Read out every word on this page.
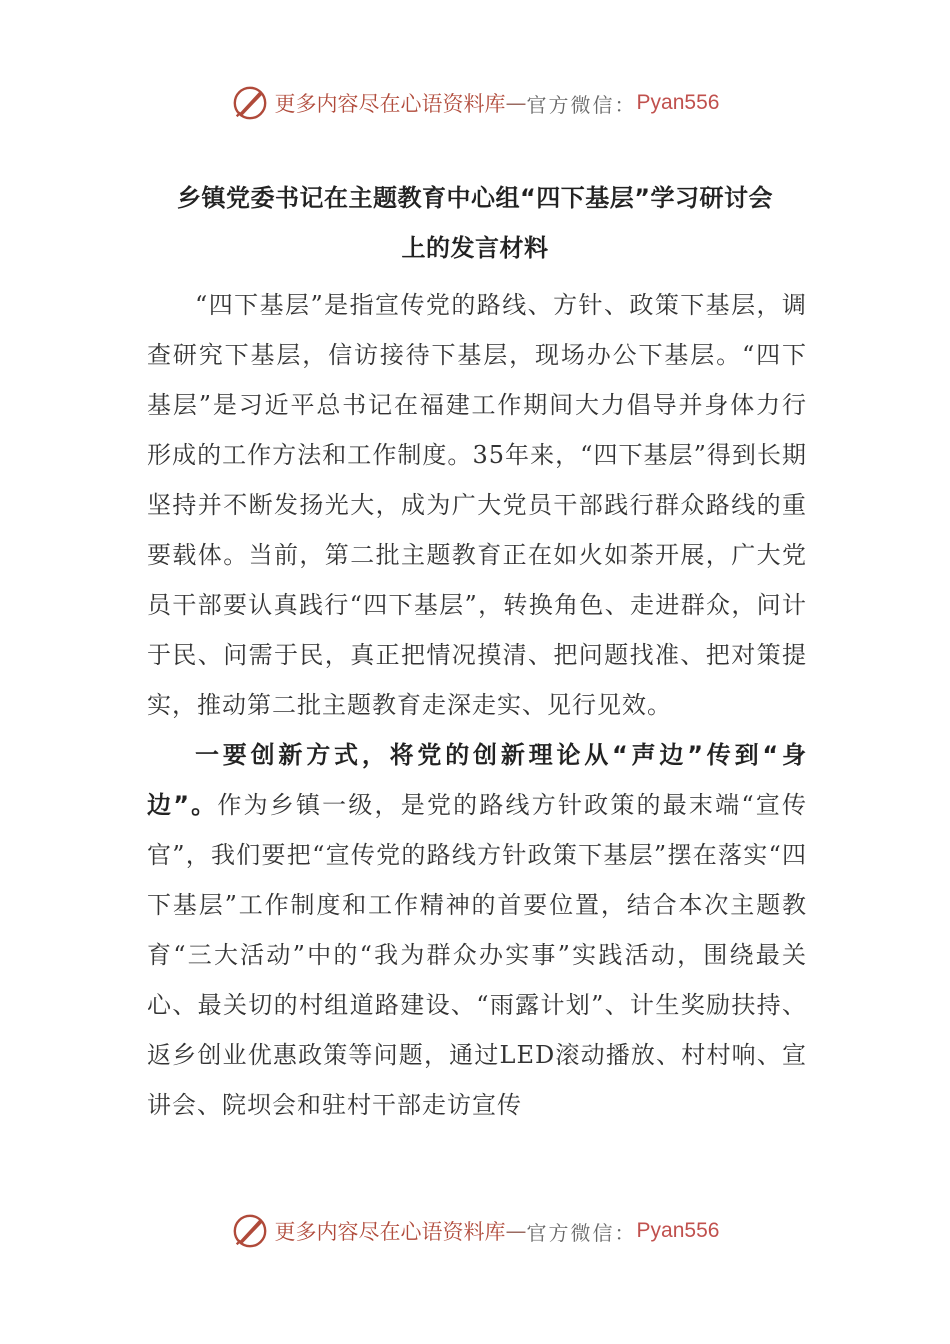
更多内容尽在心语资料库 — 官方微信： Pyan556
乡镇党委书记在主题教育中心组“四下基层”学习研讨会
上的发言材料

“四下基层”是指宣传党的路线、方针、政策下基层，调查研究下基层，信访接待下基层，现场办公下基层。“四下基层”是习近平总书记在福建工作期间大力倡导并身体力行形成的工作方法和工作制度。35年来，“四下基层”得到长期坚持并不断发扬光大，成为广大党员干部践行群众路线的重要载体。当前，第二批主题教育正在如火如荼开展，广大党员干部要认真践行“四下基层”，转换角色、走进群众，问计于民、问需于民，真正把情况摸清、把问题找准、把对策提实，推动第二批主题教育走深走实、见行见效。

一要创新方式，将党的创新理论从“声边”传到“身边”。作为乡镇一级，是党的路线方针政策的最末端“宣传官”，我们要把“宣传党的路线方针政策下基层”摆在落实“四下基层”工作制度和工作精神的首要位置，结合本次主题教育“三大活动”中的“我为群众办实事”实践活动，围绕最关心、最关切的村组道路建设、“雨露计划”、计生奖励扶持、返乡创业优惠政策等问题，通过LED滚动播放、村村响、宣讲会、院坝会和驻村干部走访宣传

更多内容尽在心语资料库 — 官方微信： Pyan556
